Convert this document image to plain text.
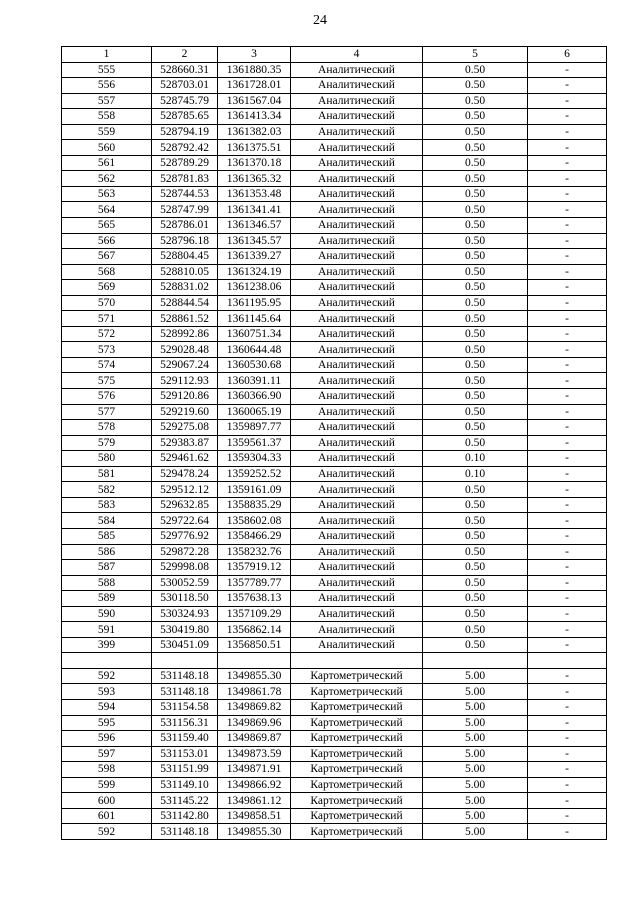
24
1	2	3	4	5	6
555	528660.31	1361880.35	Аналитический	0.50	-
556	528703.01	1361728.01	Аналитический	0.50	-
557	528745.79	1361567.04	Аналитический	0.50	-
558	528785.65	1361413.34	Аналитический	0.50	-
559	528794.19	1361382.03	Аналитический	0.50	-
560	528792.42	1361375.51	Аналитический	0.50	-
561	528789.29	1361370.18	Аналитический	0.50	-
562	528781.83	1361365.32	Аналитический	0.50	-
563	528744.53	1361353.48	Аналитический	0.50	-
564	528747.99	1361341.41	Аналитический	0.50	-
565	528786.01	1361346.57	Аналитический	0.50	-
566	528796.18	1361345.57	Аналитический	0.50	-
567	528804.45	1361339.27	Аналитический	0.50	-
568	528810.05	1361324.19	Аналитический	0.50	-
569	528831.02	1361238.06	Аналитический	0.50	-
570	528844.54	1361195.95	Аналитический	0.50	-
571	528861.52	1361145.64	Аналитический	0.50	-
572	528992.86	1360751.34	Аналитический	0.50	-
573	529028.48	1360644.48	Аналитический	0.50	-
574	529067.24	1360530.68	Аналитический	0.50	-
575	529112.93	1360391.11	Аналитический	0.50	-
576	529120.86	1360366.90	Аналитический	0.50	-
577	529219.60	1360065.19	Аналитический	0.50	-
578	529275.08	1359897.77	Аналитический	0.50	-
579	529383.87	1359561.37	Аналитический	0.50	-
580	529461.62	1359304.33	Аналитический	0.10	-
581	529478.24	1359252.52	Аналитический	0.10	-
582	529512.12	1359161.09	Аналитический	0.50	-
583	529632.85	1358835.29	Аналитический	0.50	-
584	529722.64	1358602.08	Аналитический	0.50	-
585	529776.92	1358466.29	Аналитический	0.50	-
586	529872.28	1358232.76	Аналитический	0.50	-
587	529998.08	1357919.12	Аналитический	0.50	-
588	530052.59	1357789.77	Аналитический	0.50	-
589	530118.50	1357638.13	Аналитический	0.50	-
590	530324.93	1357109.29	Аналитический	0.50	-
591	530419.80	1356862.14	Аналитический	0.50	-
399	530451.09	1356850.51	Аналитический	0.50	-

592	531148.18	1349855.30	Картометрический	5.00	-
593	531148.18	1349861.78	Картометрический	5.00	-
594	531154.58	1349869.82	Картометрический	5.00	-
595	531156.31	1349869.96	Картометрический	5.00	-
596	531159.40	1349869.87	Картометрический	5.00	-
597	531153.01	1349873.59	Картометрический	5.00	-
598	531151.99	1349871.91	Картометрический	5.00	-
599	531149.10	1349866.92	Картометрический	5.00	-
600	531145.22	1349861.12	Картометрический	5.00	-
601	531142.80	1349858.51	Картометрический	5.00	-
592	531148.18	1349855.30	Картометрический	5.00	-
